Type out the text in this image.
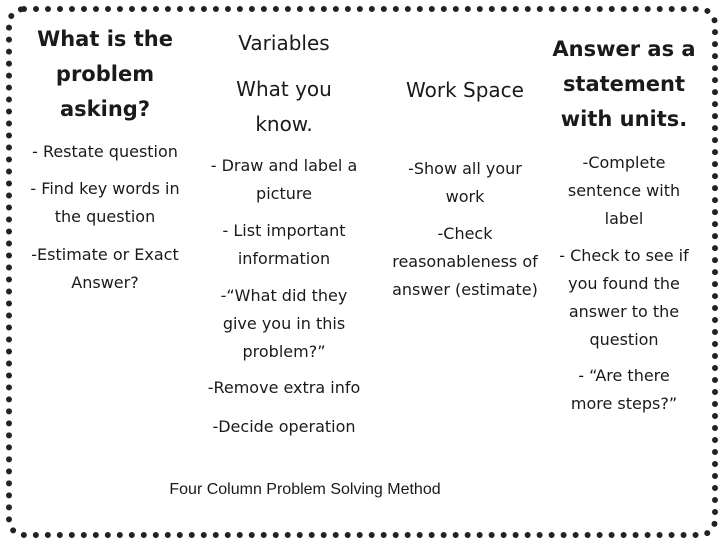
What is the
problem
asking?
- Restate question
- Find key words in
the question
-Estimate or Exact
Answer?
Variables
What you
know.
- Draw and label a
picture
- List important
information
-“What did they
give you in this
problem?”
-Remove extra info
-Decide operation
Work Space
-Show all your
work
-Check
reasonableness of
answer (estimate)
Answer as a
statement
with units.
-Complete
sentence with
label
- Check to see if
you found the
answer to the
question
- “Are there
more steps?”
Four Column Problem Solving Method
